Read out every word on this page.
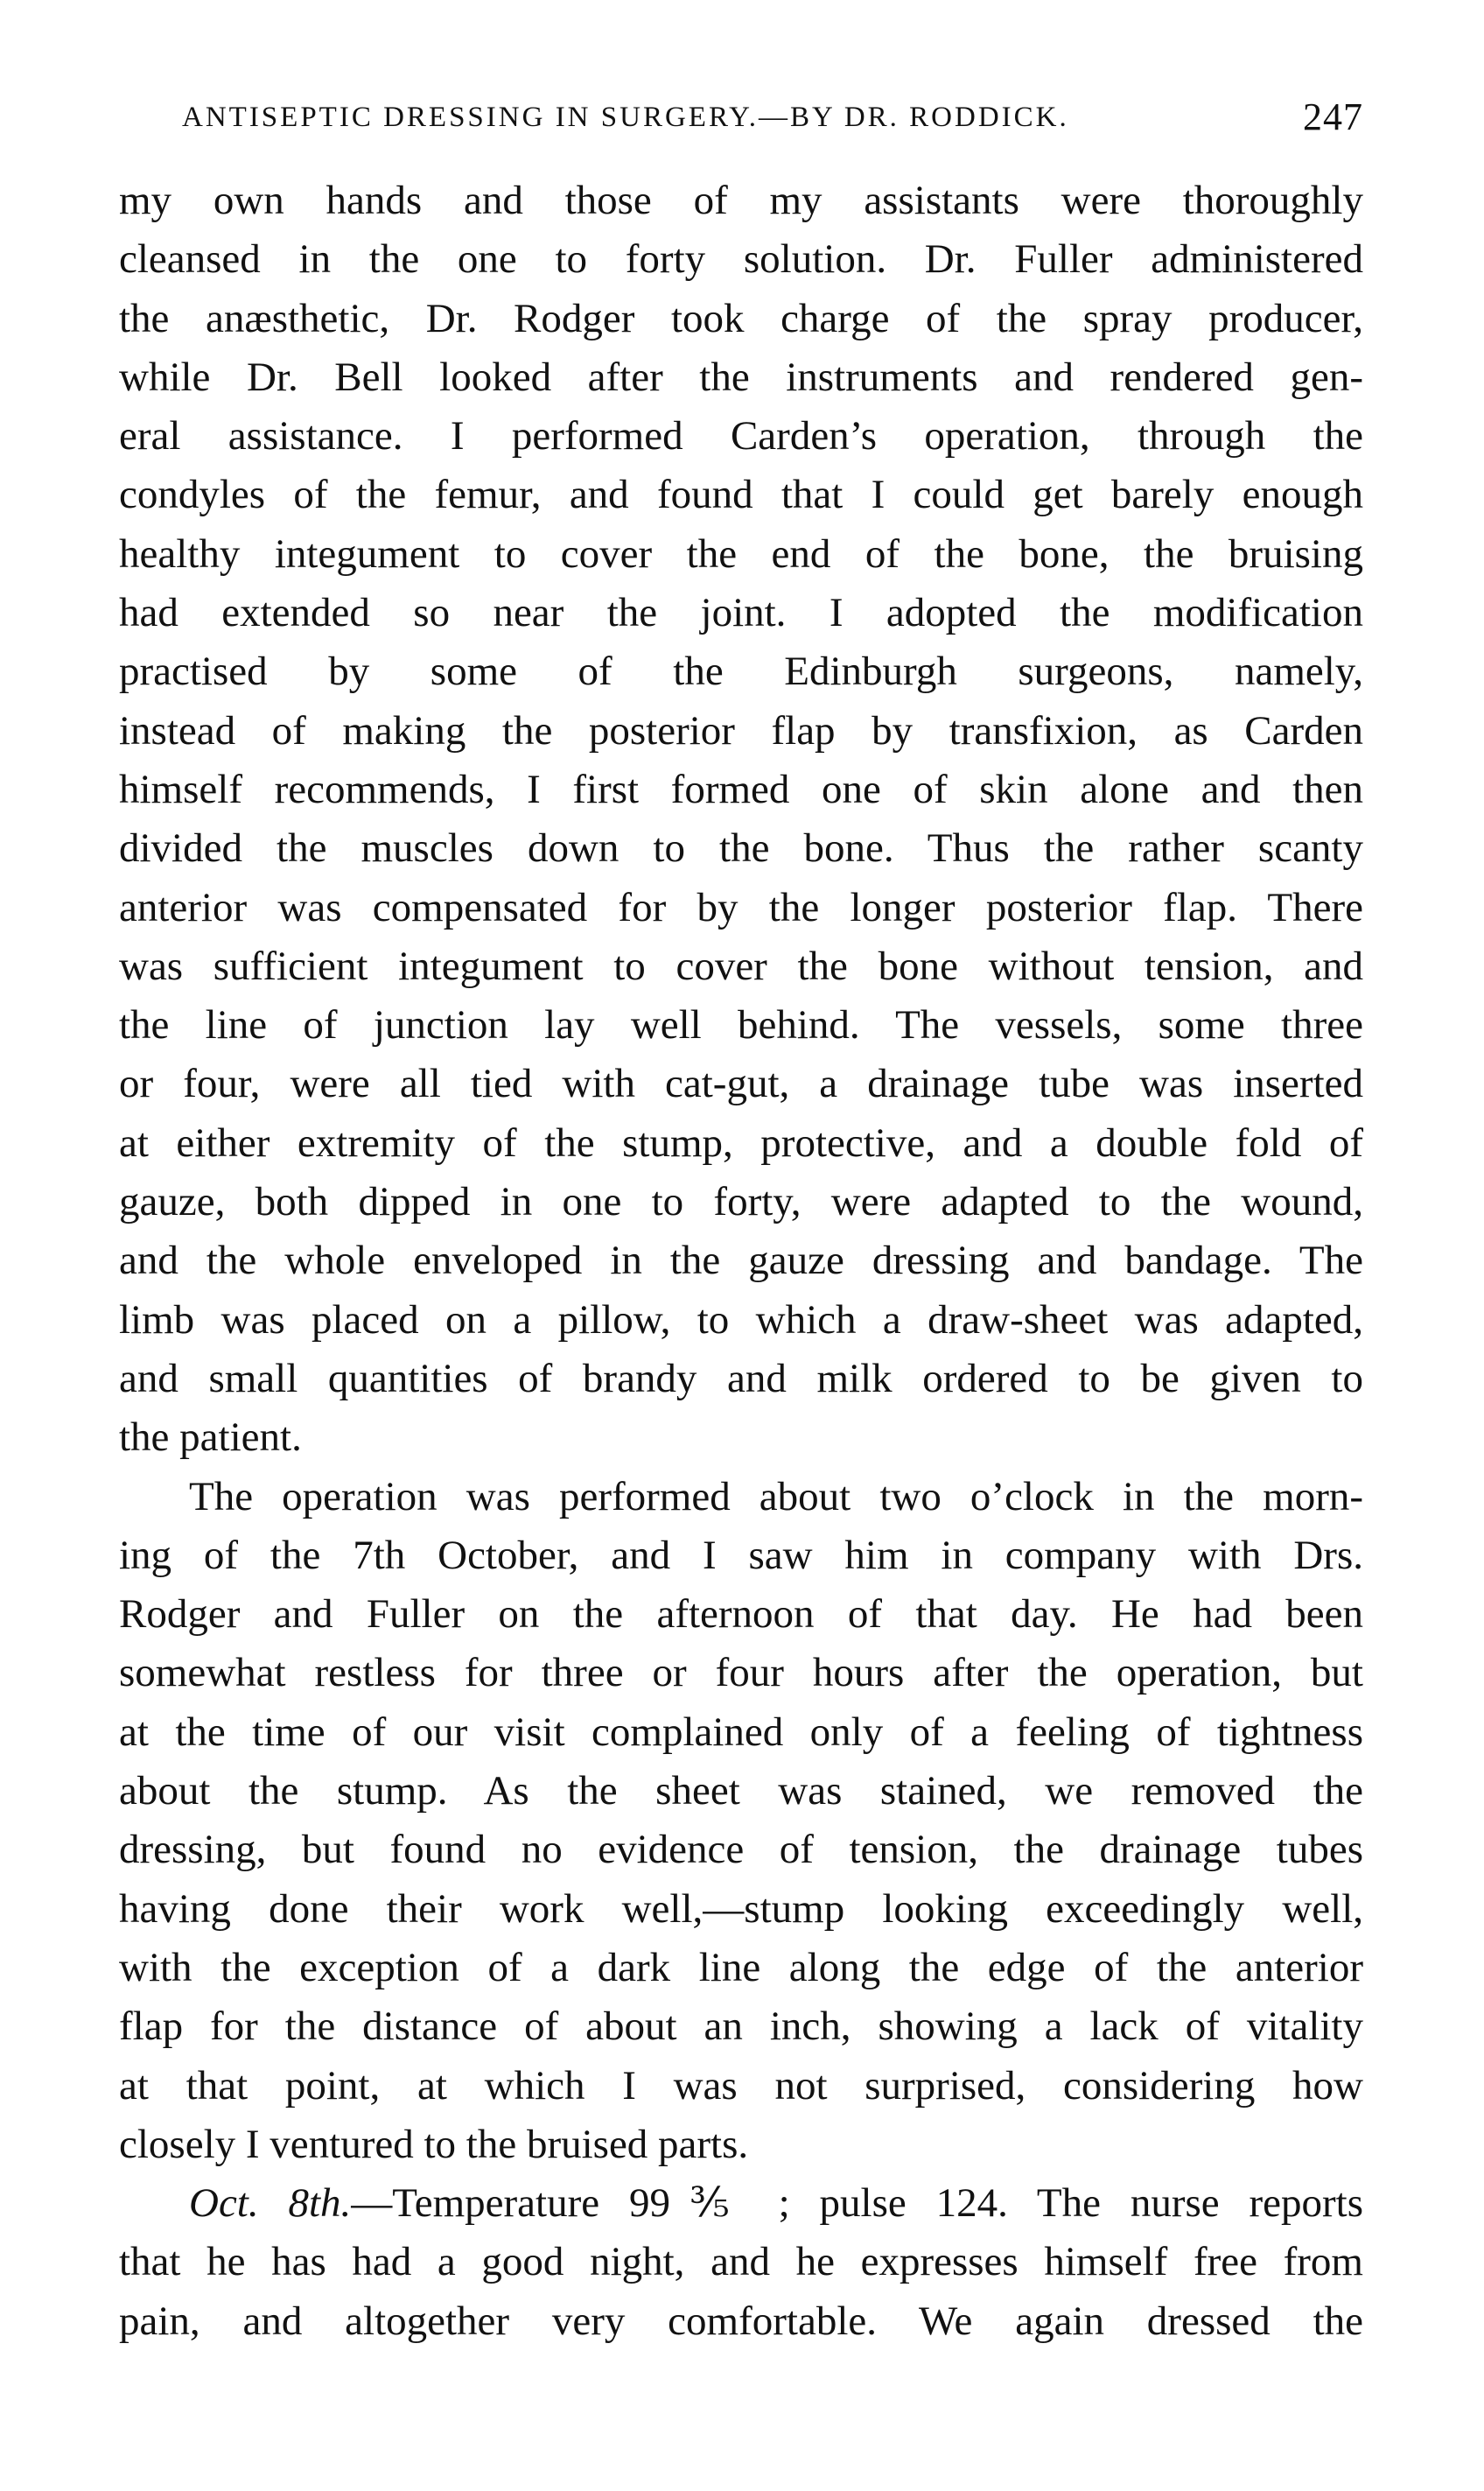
ANTISEPTIC DRESSING IN SURGERY.—BY DR. RODDICK.	247
my own hands and those of my assistants were thoroughly
cleansed in the one to forty solution. Dr. Fuller administered
the anæsthetic, Dr. Rodger took charge of the spray producer,
while Dr. Bell looked after the instruments and rendered gen-
eral assistance. I performed Carden’s operation, through the
condyles of the femur, and found that I could get barely enough
healthy integument to cover the end of the bone, the bruising
had extended so near the joint. I adopted the modification
practised by some of the Edinburgh surgeons, namely,
instead of making the posterior flap by transfixion, as Carden
himself recommends, I first formed one of skin alone and then
divided the muscles down to the bone. Thus the rather scanty
anterior was compensated for by the longer posterior flap. There
was sufficient integument to cover the bone without tension, and
the line of junction lay well behind. The vessels, some three
or four, were all tied with cat-gut, a drainage tube was inserted
at either extremity of the stump, protective, and a double fold of
gauze, both dipped in one to forty, were adapted to the wound,
and the whole enveloped in the gauze dressing and bandage. The
limb was placed on a pillow, to which a draw-sheet was adapted,
and small quantities of brandy and milk ordered to be given to
the patient.
The operation was performed about two o’clock in the morn-
ing of the 7th October, and I saw him in company with Drs.
Rodger and Fuller on the afternoon of that day. He had been
somewhat restless for three or four hours after the operation, but
at the time of our visit complained only of a feeling of tightness
about the stump. As the sheet was stained, we removed the
dressing, but found no evidence of tension, the drainage tubes
having done their work well,—stump looking exceedingly well,
with the exception of a dark line along the edge of the anterior
flap for the distance of about an inch, showing a lack of vitality
at that point, at which I was not surprised, considering how
closely I ventured to the bruised parts.
Oct. 8th.—Temperature 99⅗ ; pulse 124. The nurse reports
that he has had a good night, and he expresses himself free from
pain, and altogether very comfortable. We again dressed the
